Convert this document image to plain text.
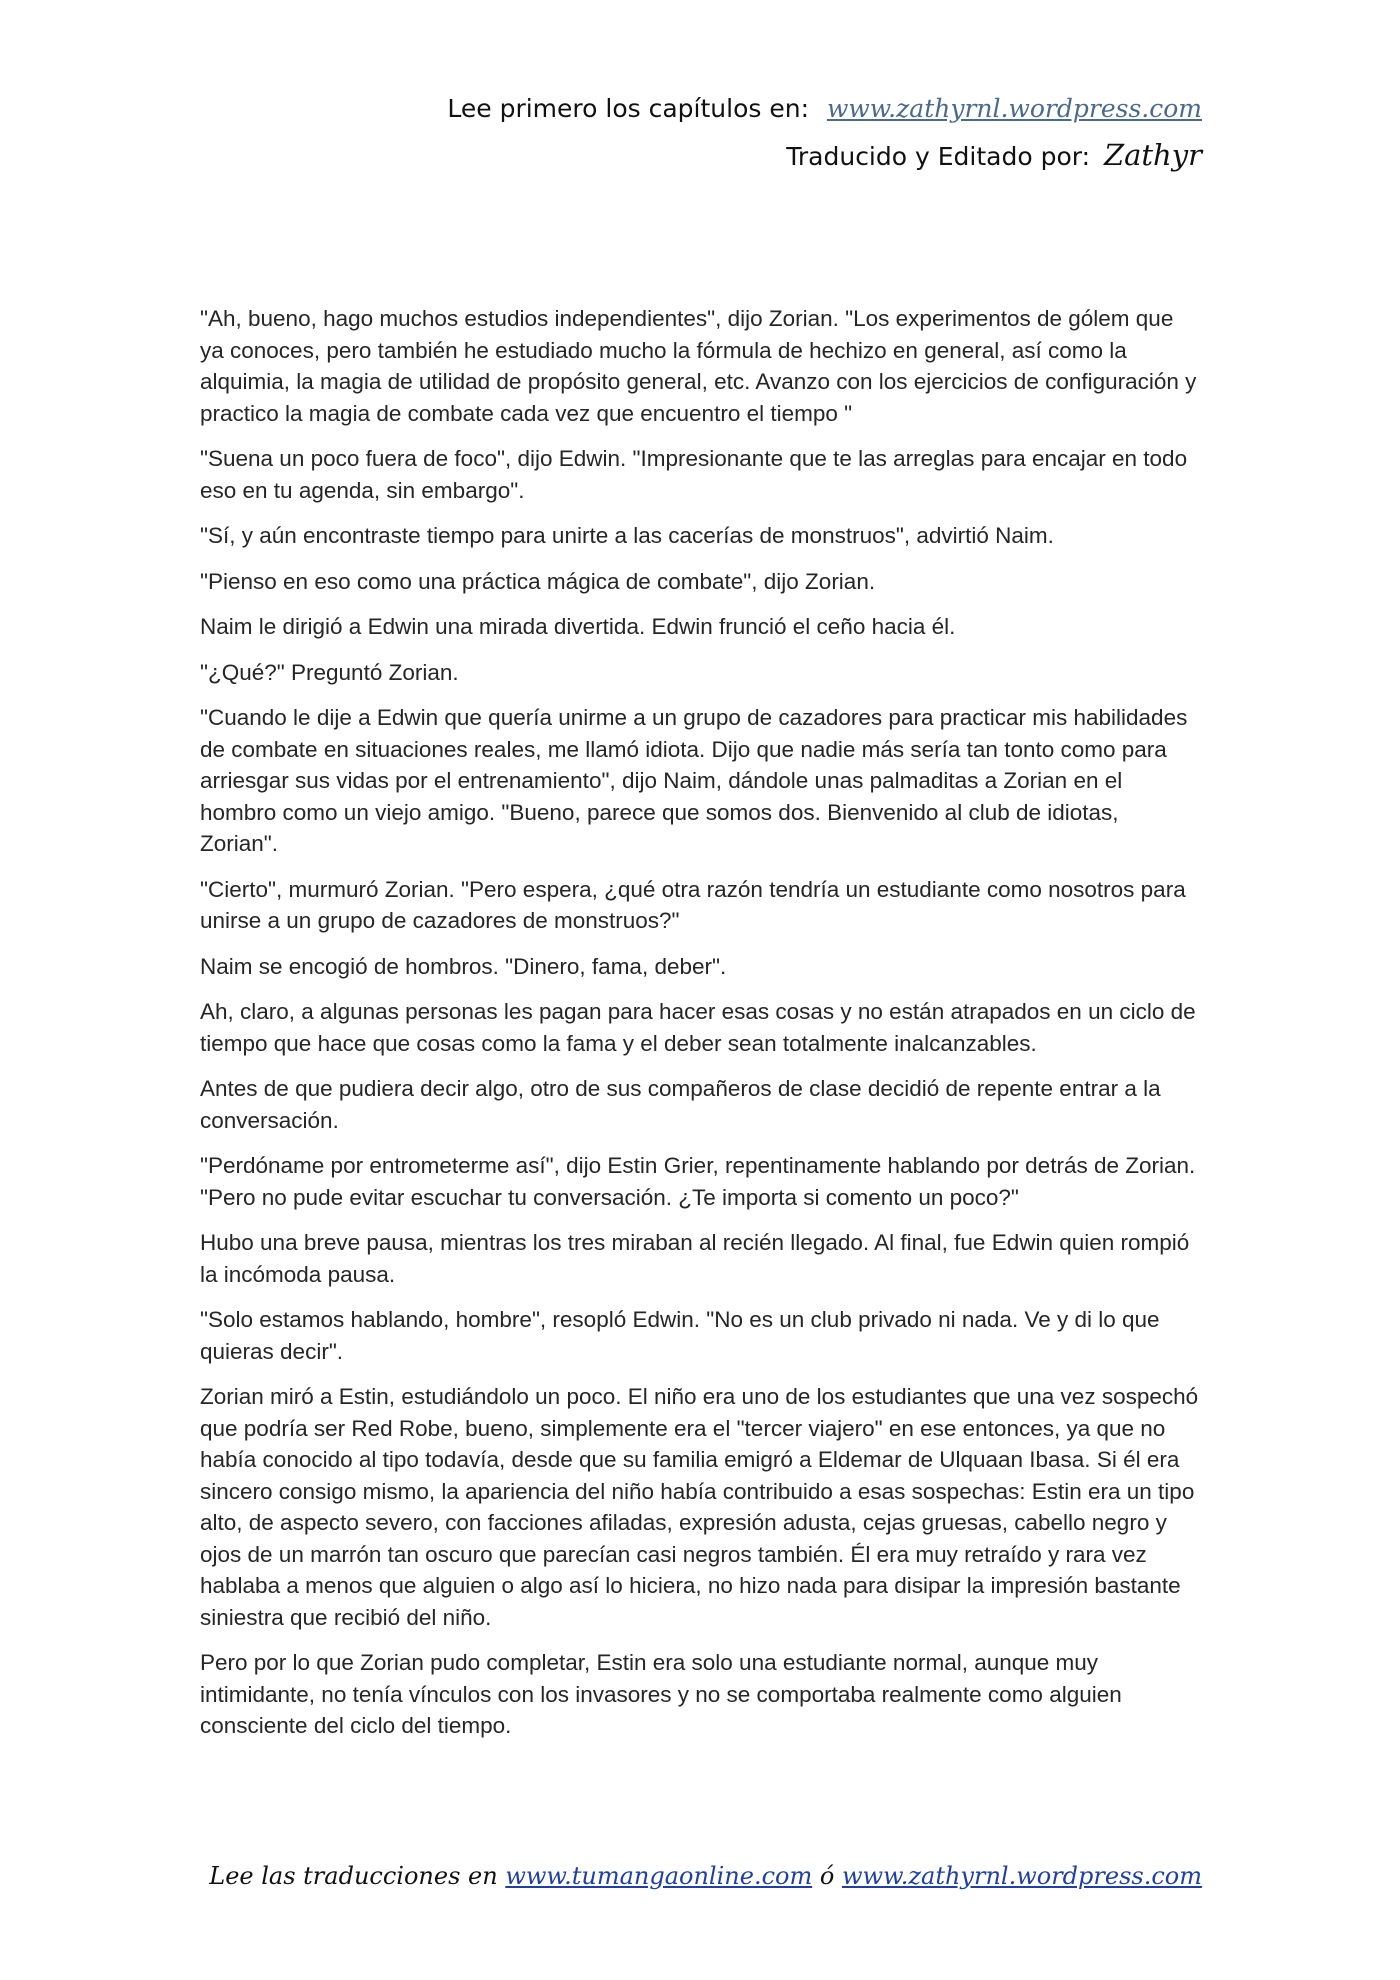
Lee primero los capítulos en: www.zathyrnl.wordpress.com
Traducido y Editado por: Zathyr

"Ah, bueno, hago muchos estudios independientes", dijo Zorian. "Los experimentos de gólem que ya conoces, pero también he estudiado mucho la fórmula de hechizo en general, así como la alquimia, la magia de utilidad de propósito general, etc. Avanzo con los ejercicios de configuración y practico la magia de combate cada vez que encuentro el tiempo "

"Suena un poco fuera de foco", dijo Edwin. "Impresionante que te las arreglas para encajar en todo eso en tu agenda, sin embargo".

"Sí, y aún encontraste tiempo para unirte a las cacerías de monstruos", advirtió Naim.

"Pienso en eso como una práctica mágica de combate", dijo Zorian.

Naim le dirigió a Edwin una mirada divertida. Edwin frunció el ceño hacia él.

"¿Qué?" Preguntó Zorian.

"Cuando le dije a Edwin que quería unirme a un grupo de cazadores para practicar mis habilidades de combate en situaciones reales, me llamó idiota. Dijo que nadie más sería tan tonto como para arriesgar sus vidas por el entrenamiento", dijo Naim, dándole unas palmaditas a Zorian en el hombro como un viejo amigo. "Bueno, parece que somos dos. Bienvenido al club de idiotas, Zorian".

"Cierto", murmuró Zorian. "Pero espera, ¿qué otra razón tendría un estudiante como nosotros para unirse a un grupo de cazadores de monstruos?"

Naim se encogió de hombros. "Dinero, fama, deber".

Ah, claro, a algunas personas les pagan para hacer esas cosas y no están atrapados en un ciclo de tiempo que hace que cosas como la fama y el deber sean totalmente inalcanzables.

Antes de que pudiera decir algo, otro de sus compañeros de clase decidió de repente entrar a la conversación.

"Perdóname por entrometerme así", dijo Estin Grier, repentinamente hablando por detrás de Zorian. "Pero no pude evitar escuchar tu conversación. ¿Te importa si comento un poco?"

Hubo una breve pausa, mientras los tres miraban al recién llegado. Al final, fue Edwin quien rompió la incómoda pausa.

"Solo estamos hablando, hombre", resopló Edwin. "No es un club privado ni nada. Ve y di lo que quieras decir".

Zorian miró a Estin, estudiándolo un poco. El niño era uno de los estudiantes que una vez sospechó que podría ser Red Robe, bueno, simplemente era el "tercer viajero" en ese entonces, ya que no había conocido al tipo todavía, desde que su familia emigró a Eldemar de Ulquaan Ibasa. Si él era sincero consigo mismo, la apariencia del niño había contribuido a esas sospechas: Estin era un tipo alto, de aspecto severo, con facciones afiladas, expresión adusta, cejas gruesas, cabello negro y ojos de un marrón tan oscuro que parecían casi negros también. Él era muy retraído y rara vez hablaba a menos que alguien o algo así lo hiciera, no hizo nada para disipar la impresión bastante siniestra que recibió del niño.

Pero por lo que Zorian pudo completar, Estin era solo una estudiante normal, aunque muy intimidante, no tenía vínculos con los invasores y no se comportaba realmente como alguien consciente del ciclo del tiempo.

Lee las traducciones en www.tumangaonline.com ó www.zathyrnl.wordpress.com
